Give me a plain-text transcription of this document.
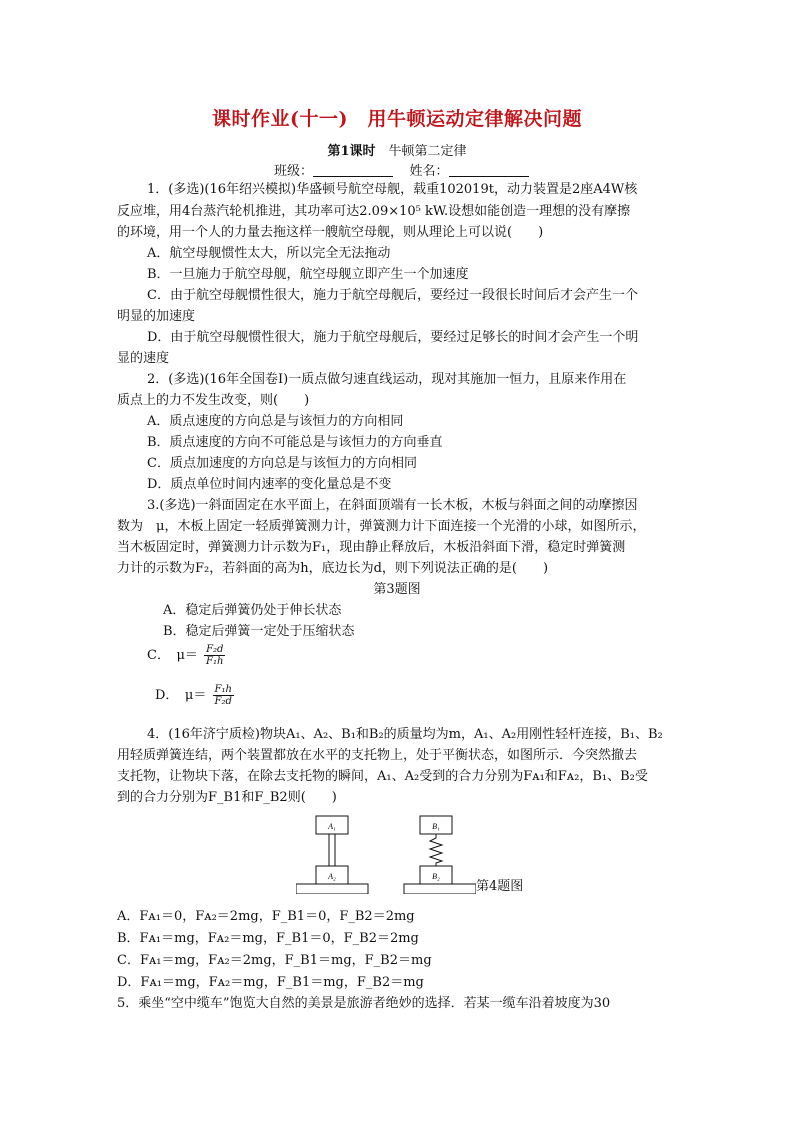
课时作业(十一)　用牛顿运动定律解决问题
第1课时　牛顿第二定律
班级：	姓名：
1．(多选)(16年绍兴模拟)华盛顿号航空母舰，载重102019t，动力装置是2座A4W核
反应堆，用4台蒸汽轮机推进，其功率可达2.09×10⁵ kW.设想如能创造一理想的没有摩擦
的环境，用一个人的力量去拖这样一艘航空母舰，则从理论上可以说(　　)
A．航空母舰惯性太大，所以完全无法拖动
B．一旦施力于航空母舰，航空母舰立即产生一个加速度
C．由于航空母舰惯性很大，施力于航空母舰后，要经过一段很长时间后才会产生一个
明显的加速度
D．由于航空母舰惯性很大，施力于航空母舰后，要经过足够长的时间才会产生一个明
显的速度
2．(多选)(16年全国卷Ⅰ)一质点做匀速直线运动，现对其施加一恒力，且原来作用在
质点上的力不发生改变，则(　　)
A．质点速度的方向总是与该恒力的方向相同
B．质点速度的方向不可能总是与该恒力的方向垂直
C．质点加速度的方向总是与该恒力的方向相同
D．质点单位时间内速率的变化量总是不变
3.(多选)一斜面固定在水平面上，在斜面顶端有一长木板，木板与斜面之间的动摩擦因
数为　μ，木板上固定一轻质弹簧测力计，弹簧测力计下面连接一个光滑的小球，如图所示，
当木板固定时，弹簧测力计示数为F₁，现由静止释放后，木板沿斜面下滑，稳定时弹簧测
力计的示数为F₂，若斜面的高为h，底边长为d，则下列说法正确的是(　　)
第3题图
A．稳定后弹簧仍处于伸长状态
B．稳定后弹簧一定处于压缩状态
C．　$\mu= \frac{\text{F₂d}}{\text{F₁h}}$
D．　$\mu= \frac{\text{F₁h}}{\text{F₂d}}$
4．(16年济宁质检)物块A₁、A₂、B₁和B₂的质量均为m，A₁、A₂用刚性轻杆连接，B₁、B₂
用轻质弹簧连结，两个装置都放在水平的支托物上，处于平衡状态，如图所示．今突然撤去
支托物，让物块下落，在除去支托物的瞬间，A₁、A₂受到的合力分别为Fᴀ₁和Fᴀ₂，B₁、B₂受
到的合力分别为F_B1和F_B2则(　　)
A₁
A₂
B₁
B₂
第4题图
A．Fᴀ₁＝0，Fᴀ₂＝2mg，F_B1＝0，F_B2＝2mg
B．Fᴀ₁＝mg，Fᴀ₂＝mg，F_B1＝0，F_B2＝2mg
C．Fᴀ₁＝mg，Fᴀ₂＝2mg，F_B1＝mg，F_B2＝mg
D．Fᴀ₁＝mg，Fᴀ₂＝mg，F_B1＝mg，F_B2＝mg
5．乘坐“空中缆车”饱览大自然的美景是旅游者绝妙的选择．若某一缆车沿着坡度为30
